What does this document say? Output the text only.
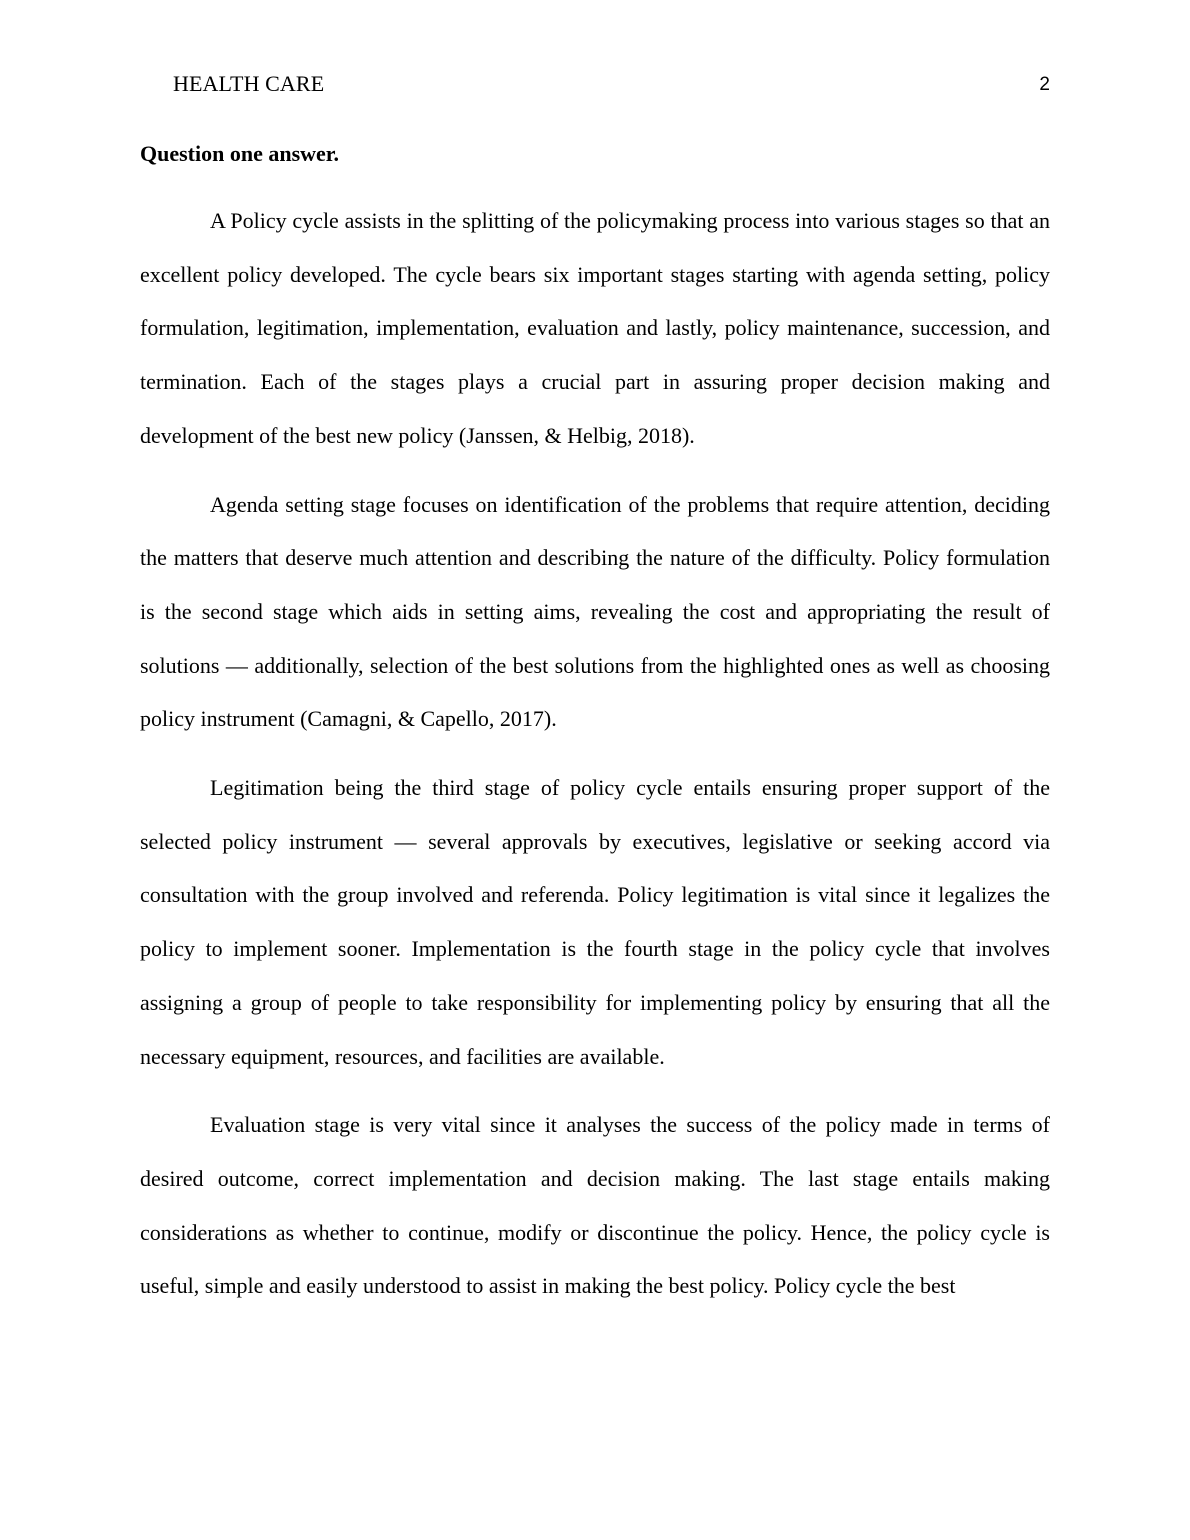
HEALTH CARE	2

Question one answer.

A Policy cycle assists in the splitting of the policymaking process into various stages so that an excellent policy developed. The cycle bears six important stages starting with agenda setting, policy formulation, legitimation, implementation, evaluation and lastly, policy maintenance, succession, and termination. Each of the stages plays a crucial part in assuring proper decision making and development of the best new policy (Janssen, & Helbig, 2018).

Agenda setting stage focuses on identification of the problems that require attention, deciding the matters that deserve much attention and describing the nature of the difficulty. Policy formulation is the second stage which aids in setting aims, revealing the cost and appropriating the result of solutions — additionally, selection of the best solutions from the highlighted ones as well as choosing policy instrument (Camagni, & Capello, 2017).

Legitimation being the third stage of policy cycle entails ensuring proper support of the selected policy instrument — several approvals by executives, legislative or seeking accord via consultation with the group involved and referenda. Policy legitimation is vital since it legalizes the policy to implement sooner. Implementation is the fourth stage in the policy cycle that involves assigning a group of people to take responsibility for implementing policy by ensuring that all the necessary equipment, resources, and facilities are available.

Evaluation stage is very vital since it analyses the success of the policy made in terms of desired outcome, correct implementation and decision making. The last stage entails making considerations as whether to continue, modify or discontinue the policy. Hence, the policy cycle is useful, simple and easily understood to assist in making the best policy. Policy cycle the best
